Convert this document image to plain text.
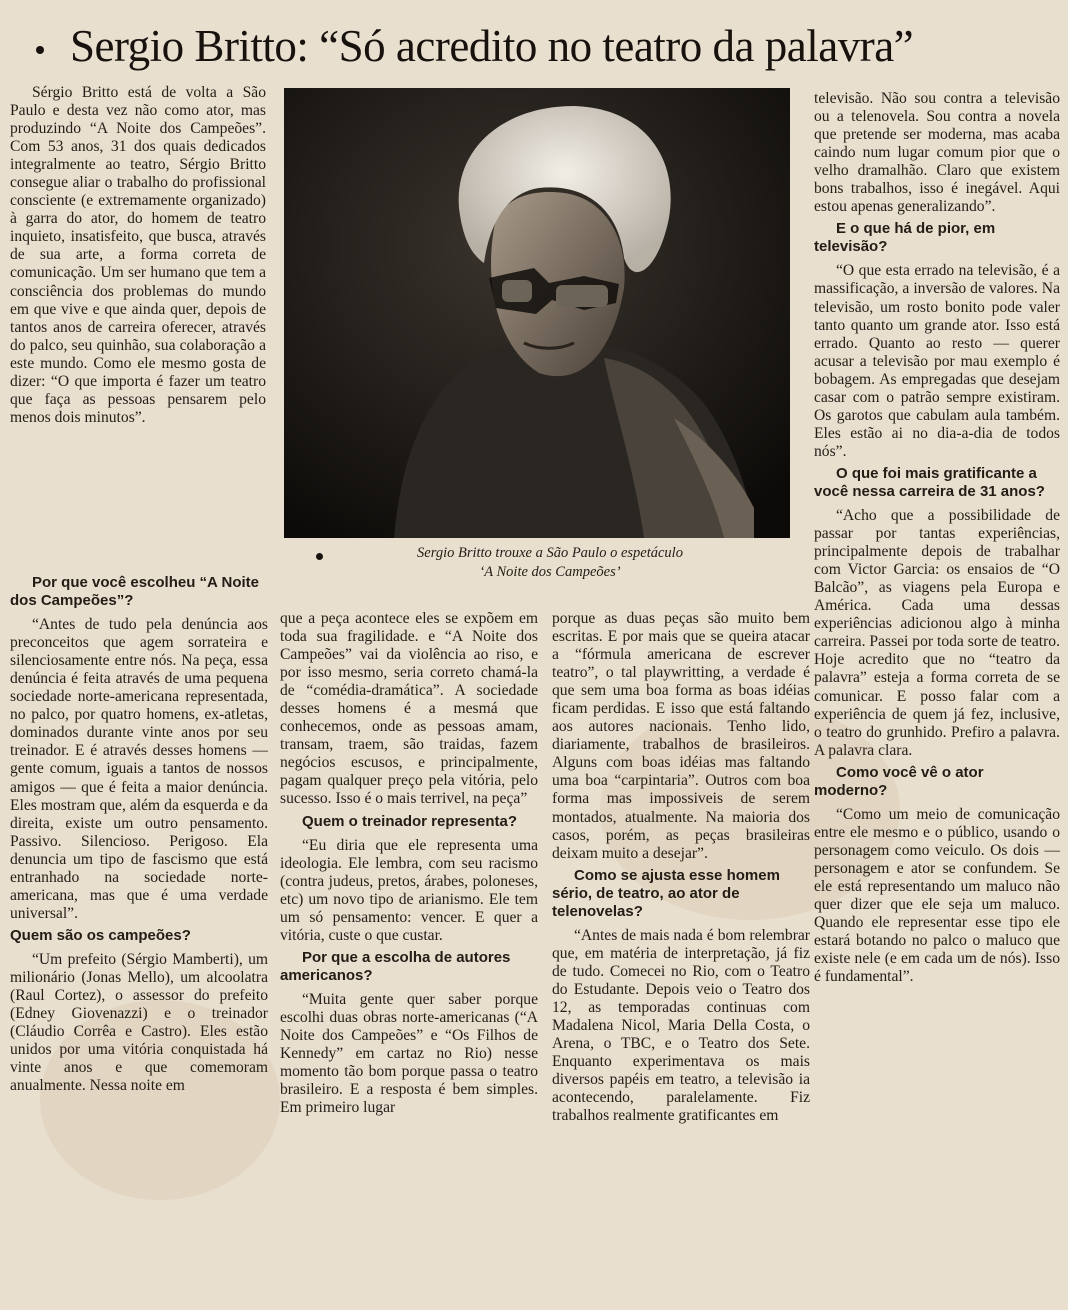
Sergio Britto: “Só acredito no teatro da palavra”

Sérgio Britto está de volta a São Paulo e desta vez não como ator, mas produzindo “A Noite dos Campeões”. Com 53 anos, 31 dos quais dedicados integralmente ao teatro, Sérgio Britto consegue aliar o trabalho do profissional consciente (e extremamente organizado) à garra do ator, do homem de teatro inquieto, insatisfeito, que busca, através de sua arte, a forma correta de comunicação. Um ser humano que tem a consciência dos problemas do mundo em que vive e que ainda quer, depois de tantos anos de carreira oferecer, através do palco, seu quinhão, sua colaboração a este mundo. Como ele mesmo gosta de dizer: “O que importa é fazer um teatro que faça as pessoas pensarem pelo menos dois minutos”.

Sergio Britto trouxe a São Paulo o espetáculo
‘A Noite dos Campeões’
Por que você escolheu “A Noite dos Campeões”?

“Antes de tudo pela denúncia aos preconceitos que agem sorrateira e silenciosamente entre nós. Na peça, essa denúncia é feita através de uma pequena sociedade norte-americana representada, no palco, por quatro homens, ex-atletas, dominados durante vinte anos por seu treinador. E é através desses homens — gente comum, iguais a tantos de nossos amigos — que é feita a maior denúncia. Eles mostram que, além da esquerda e da direita, existe um outro pensamento. Passivo. Silencioso. Perigoso. Ela denuncia um tipo de fascismo que está entranhado na sociedade norte-americana, mas que é uma verdade universal”.

Quem são os campeões?

“Um prefeito (Sérgio Mamberti), um milionário (Jonas Mello), um alcoolatra (Raul Cortez), o assessor do prefeito (Edney Giovenazzi) e o treinador (Cláudio Corrêa e Castro). Eles estão unidos por uma vitória conquistada há vinte anos e que comemoram anualmente. Nessa noite em

que a peça acontece eles se expõem em toda sua fragilidade. e “A Noite dos Campeões” vai da violência ao riso, e por isso mesmo, seria correto chamá-la de “comédia-dramática”. A sociedade desses homens é a mesmá que conhecemos, onde as pessoas amam, transam, traem, são traidas, fazem negócios escusos, e principalmente, pagam qualquer preço pela vitória, pelo sucesso. Isso é o mais terrivel, na peça”

Quem o treinador representa?

“Eu diria que ele representa uma ideologia. Ele lembra, com seu racismo (contra judeus, pretos, árabes, poloneses, etc) um novo tipo de arianismo. Ele tem um só pensamento: vencer. E quer a vitória, custe o que custar.

Por que a escolha de autores americanos?

“Muita gente quer saber porque escolhi duas obras norte-americanas (“A Noite dos Campeões” e “Os Filhos de Kennedy” em cartaz no Rio) nesse momento tão bom porque passa o teatro brasileiro. E a resposta é bem simples. Em primeiro lugar

porque as duas peças são muito bem escritas. E por mais que se queira atacar a “fórmula americana de escrever teatro”, o tal playwritting, a verdade é que sem uma boa forma as boas idéias ficam perdidas. E isso que está faltando aos autores nacionais. Tenho lido, diariamente, trabalhos de brasileiros. Alguns com boas idéias mas faltando uma boa “carpintaria”. Outros com boa forma mas impossiveis de serem montados, atualmente. Na maioria dos casos, porém, as peças brasileiras deixam muito a desejar”.

Como se ajusta esse homem sério, de teatro, ao ator de telenovelas?

“Antes de mais nada é bom relembrar que, em matéria de interpretação, já fiz de tudo. Comecei no Rio, com o Teatro do Estudante. Depois veio o Teatro dos 12, as temporadas continuas com Madalena Nicol, Maria Della Costa, o Arena, o TBC, e o Teatro dos Sete. Enquanto experimentava os mais diversos papéis em teatro, a televisão ia acontecendo, paralelamente. Fiz trabalhos realmente gratificantes em

televisão. Não sou contra a televisão ou a telenovela. Sou contra a novela que pretende ser moderna, mas acaba caindo num lugar comum pior que o velho dramalhão. Claro que existem bons trabalhos, isso é inegável. Aqui estou apenas generalizando”.

E o que há de pior, em televisão?

“O que esta errado na televisão, é a massificação, a inversão de valores. Na televisão, um rosto bonito pode valer tanto quanto um grande ator. Isso está errado. Quanto ao resto — querer acusar a televisão por mau exemplo é bobagem. As empregadas que desejam casar com o patrão sempre existiram. Os garotos que cabulam aula também. Eles estão ai no dia-a-dia de todos nós”.

O que foi mais gratificante a você nessa carreira de 31 anos?

“Acho que a possibilidade de passar por tantas experiências, principalmente depois de trabalhar com Victor Garcia: os ensaios de “O Balcão”, as viagens pela Europa e América. Cada uma dessas experiências adicionou algo à minha carreira. Passei por toda sorte de teatro. Hoje acredito que no “teatro da palavra” esteja a forma correta de se comunicar. E posso falar com a experiência de quem já fez, inclusive, o teatro do grunhido. Prefiro a palavra. A palavra clara.

Como você vê o ator moderno?

“Como um meio de comunicação entre ele mesmo e o público, usando o personagem como veiculo. Os dois — personagem e ator se confundem. Se ele está representando um maluco não quer dizer que ele seja um maluco. Quando ele representar esse tipo ele estará botando no palco o maluco que existe nele (e em cada um de nós). Isso é fundamental”.
